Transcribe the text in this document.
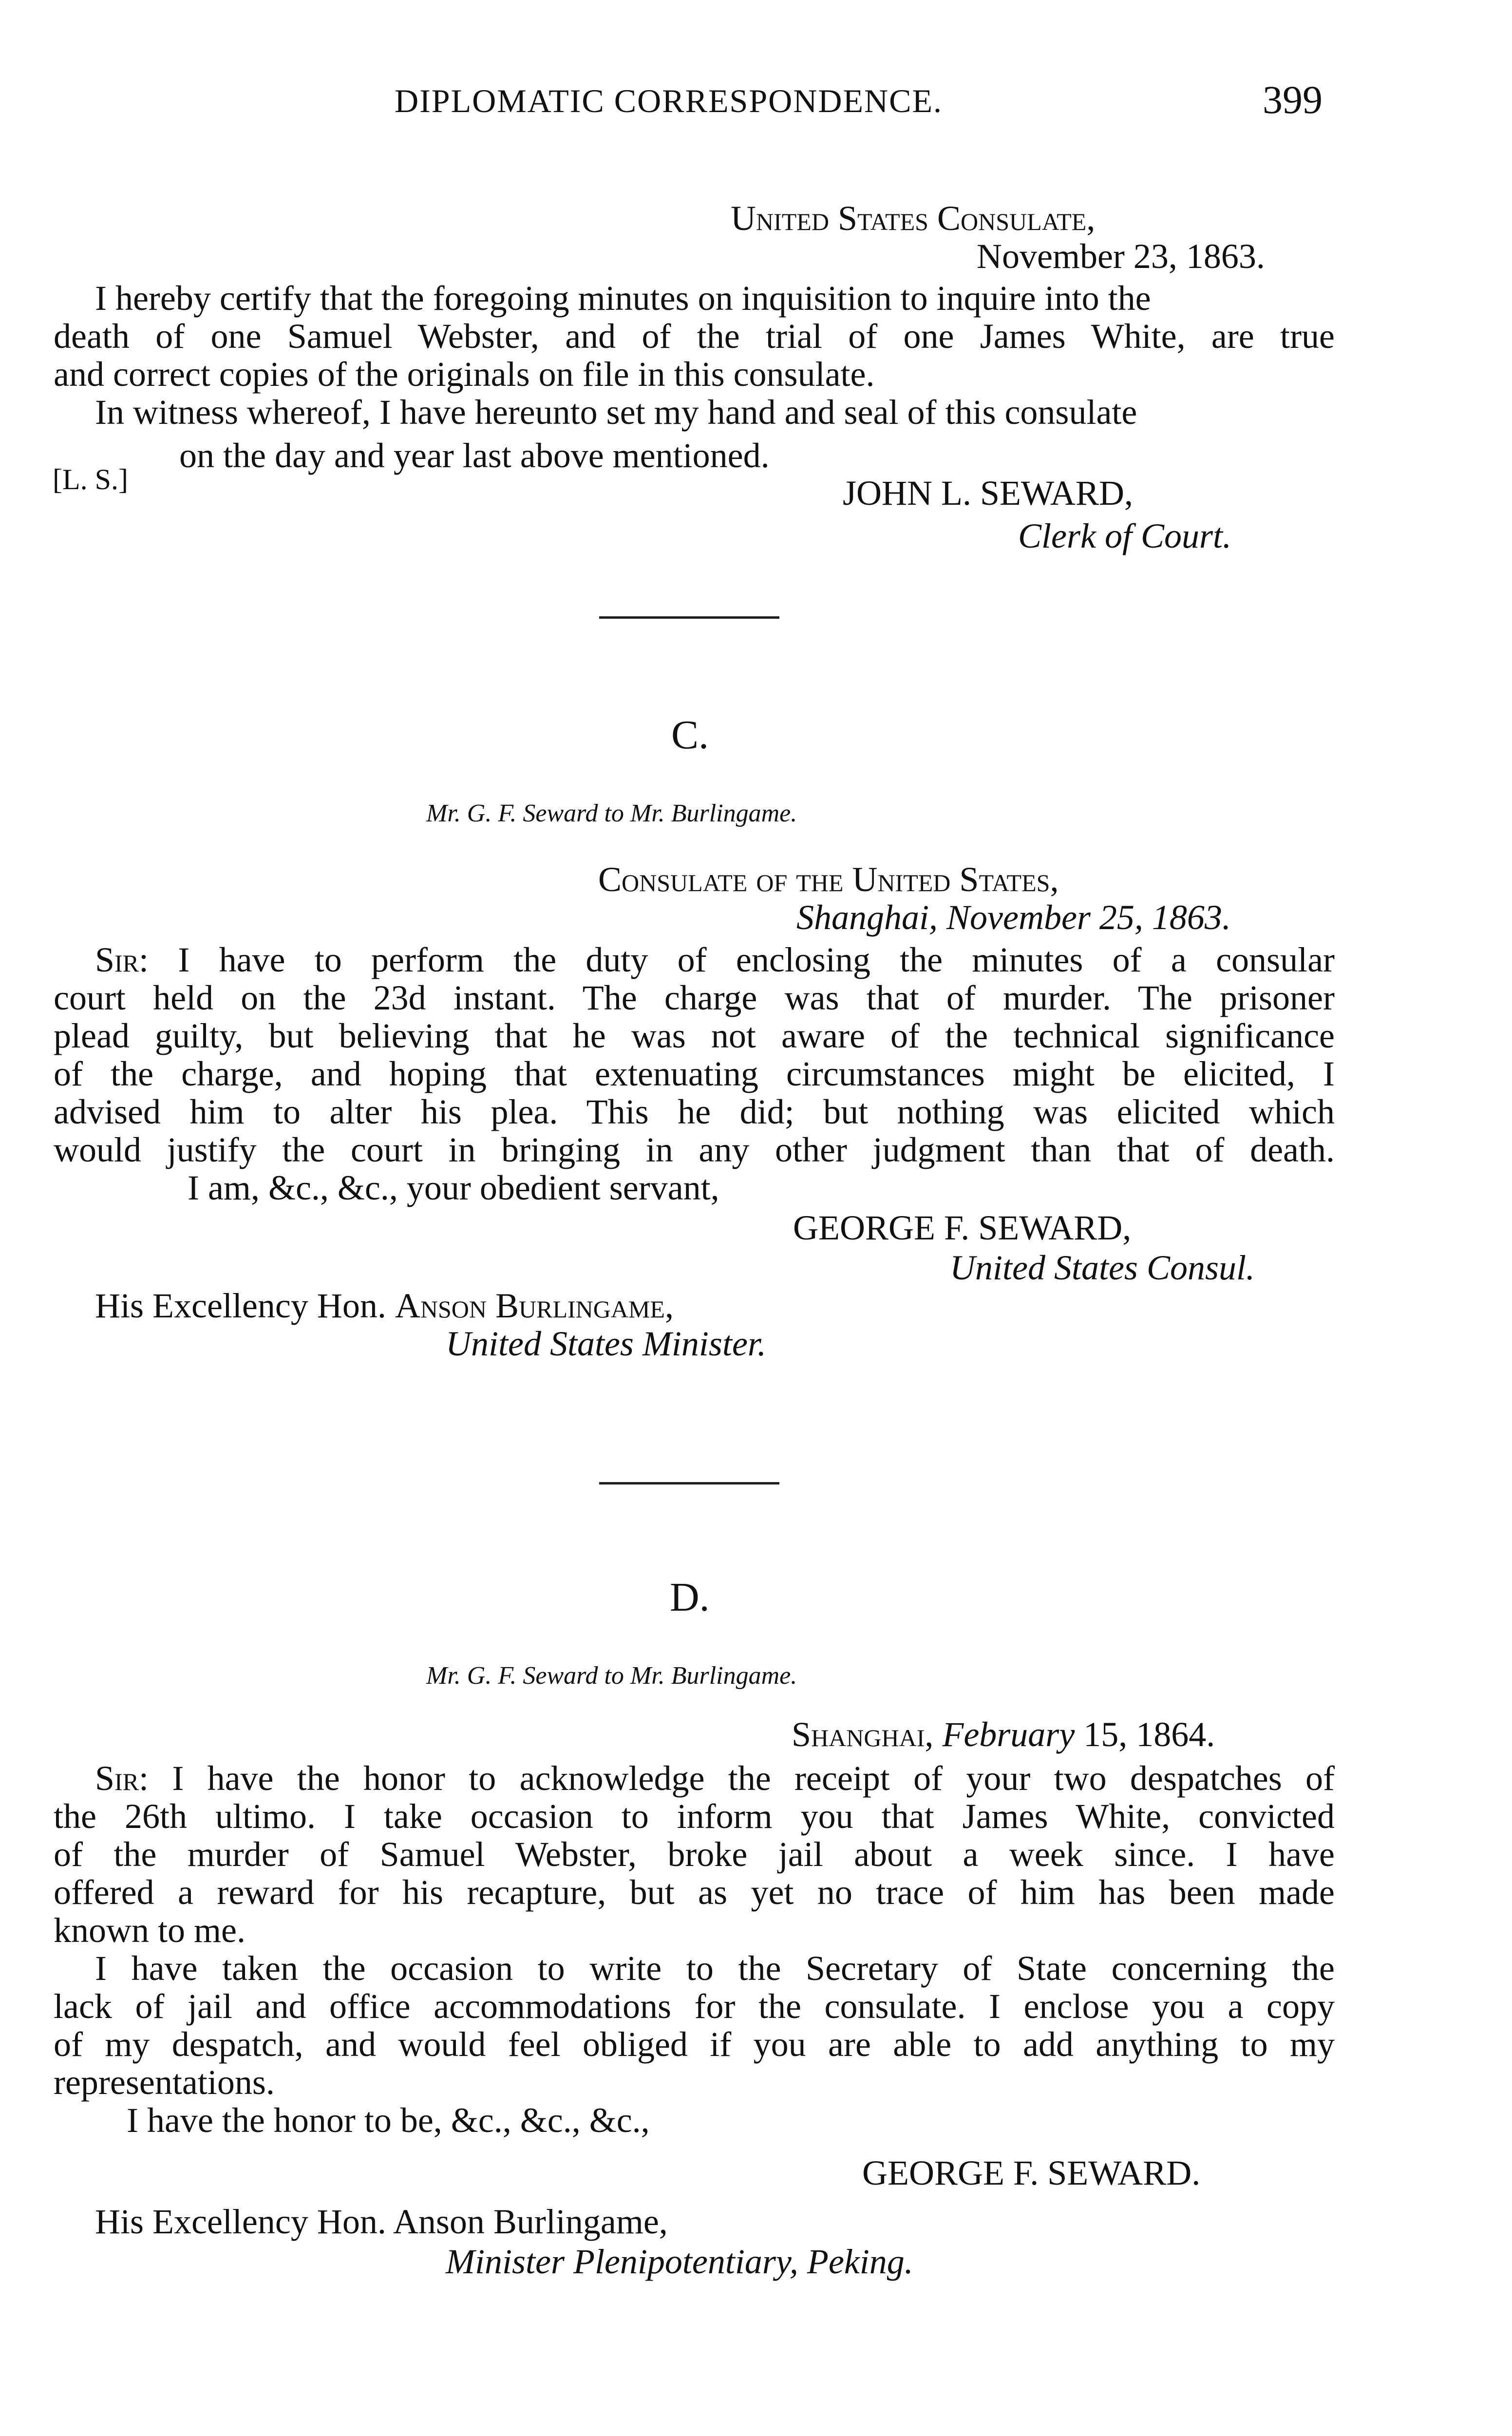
DIPLOMATIC CORRESPONDENCE.	399
United States Consulate,
November 23, 1863.
I hereby certify that the foregoing minutes on inquisition to inquire into the
death of one Samuel Webster, and of the trial of one James White, are true
and correct copies of the originals on file in this consulate.
In witness whereof, I have hereunto set my hand and seal of this consulate
[L. S.]
on the day and year last above mentioned.
JOHN L. SEWARD,
Clerk of Court.
C.
Mr. G. F. Seward to Mr. Burlingame.
Consulate of the United States,
Shanghai, November 25, 1863.
Sir: I have to perform the duty of enclosing the minutes of a consular
court held on the 23d instant. The charge was that of murder. The prisoner
plead guilty, but believing that he was not aware of the technical significance
of the charge, and hoping that extenuating circumstances might be elicited, I
advised him to alter his plea. This he did; but nothing was elicited which
would justify the court in bringing in any other judgment than that of death.
I am, &c., &c., your obedient servant,
GEORGE F. SEWARD,
United States Consul.
His Excellency Hon. Anson Burlingame,
United States Minister.
D.
Mr. G. F. Seward to Mr. Burlingame.
Shanghai, February 15, 1864.
Sir: I have the honor to acknowledge the receipt of your two despatches of
the 26th ultimo. I take occasion to inform you that James White, convicted
of the murder of Samuel Webster, broke jail about a week since. I have
offered a reward for his recapture, but as yet no trace of him has been made
known to me.
I have taken the occasion to write to the Secretary of State concerning the
lack of jail and office accommodations for the consulate. I enclose you a copy
of my despatch, and would feel obliged if you are able to add anything to my
representations.
I have the honor to be, &c., &c., &c.,
GEORGE F. SEWARD.
His Excellency Hon. Anson Burlingame,
Minister Plenipotentiary, Peking.
